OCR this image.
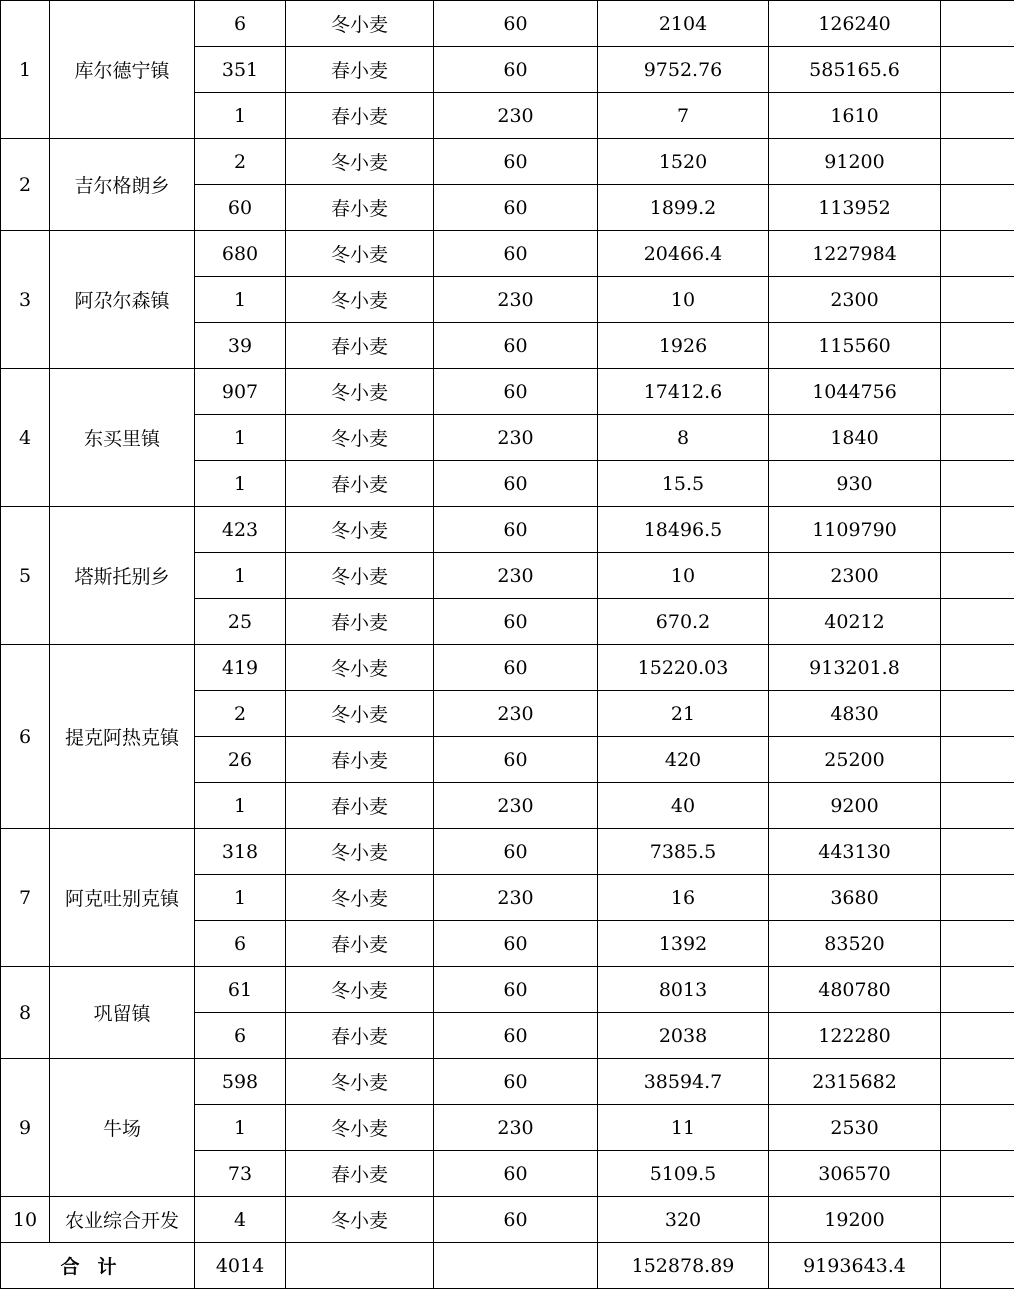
1	库尔德宁镇	6	冬小麦	60	2104	126240	
		351	春小麦	60	9752.76	585165.6	
		1	春小麦	230	7	1610	
2	吉尔格朗乡	2	冬小麦	60	1520	91200	
		60	春小麦	60	1899.2	113952	
3	阿尕尔森镇	680	冬小麦	60	20466.4	1227984	
		1	冬小麦	230	10	2300	
		39	春小麦	60	1926	115560	
4	东买里镇	907	冬小麦	60	17412.6	1044756	
		1	冬小麦	230	8	1840	
		1	春小麦	60	15.5	930	
5	塔斯托别乡	423	冬小麦	60	18496.5	1109790	
		1	冬小麦	230	10	2300	
		25	春小麦	60	670.2	40212	
6	提克阿热克镇	419	冬小麦	60	15220.03	913201.8	
		2	冬小麦	230	21	4830	
		26	春小麦	60	420	25200	
		1	春小麦	230	40	9200	
7	阿克吐别克镇	318	冬小麦	60	7385.5	443130	
		1	冬小麦	230	16	3680	
		6	春小麦	60	1392	83520	
8	巩留镇	61	冬小麦	60	8013	480780	
		6	春小麦	60	2038	122280	
9	牛场	598	冬小麦	60	38594.7	2315682	
		1	冬小麦	230	11	2530	
		73	春小麦	60	5109.5	306570	
10	农业综合开发	4	冬小麦	60	320	19200	
合计		4014			152878.89	9193643.4	
